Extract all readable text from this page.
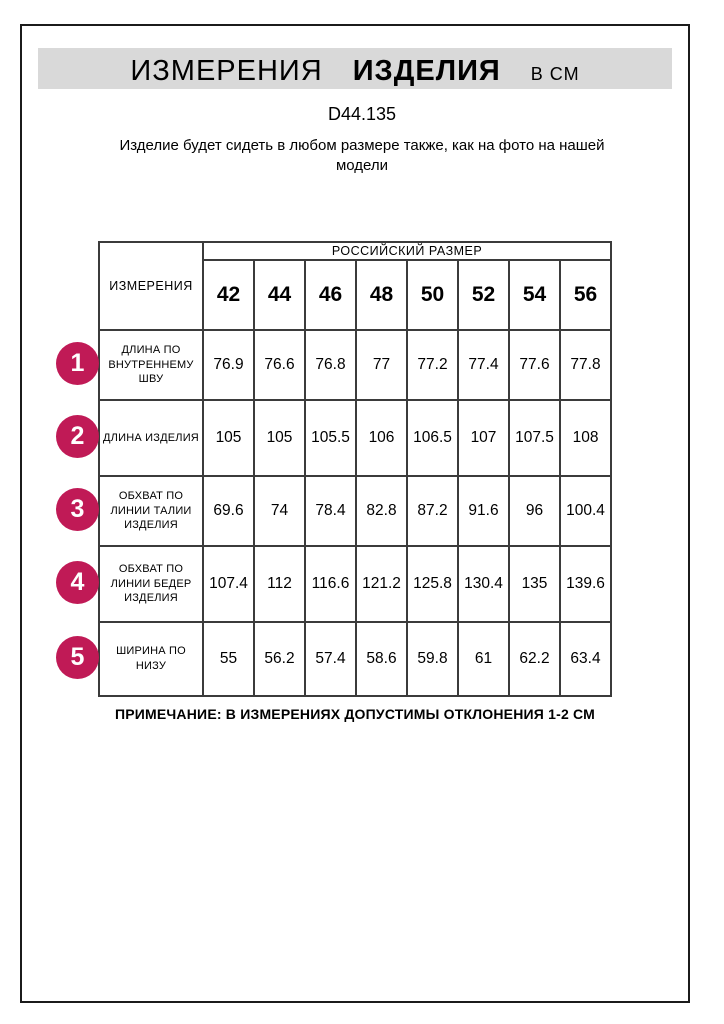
ИЗМЕРЕНИЯ ИЗДЕЛИЯ В СМ
D44.135
Изделие будет сидеть в любом размере также, как на фото на нашей модели
ИЗМЕРЕНИЯ	РОССИЙСКИЙ РАЗМЕР							
	42	44	46	48	50	52	54	56
ДЛИНА ПО ВНУТРЕННЕМУ ШВУ	76.9	76.6	76.8	77	77.2	77.4	77.6	77.8
ДЛИНА ИЗДЕЛИЯ	105	105	105.5	106	106.5	107	107.5	108
ОБХВАТ ПО ЛИНИИ ТАЛИИ ИЗДЕЛИЯ	69.6	74	78.4	82.8	87.2	91.6	96	100.4
ОБХВАТ ПО ЛИНИИ БЕДЕР ИЗДЕЛИЯ	107.4	112	116.6	121.2	125.8	130.4	135	139.6
ШИРИНА ПО НИЗУ	55	56.2	57.4	58.6	59.8	61	62.2	63.4
1
2
3
4
5
ПРИМЕЧАНИЕ: В ИЗМЕРЕНИЯХ ДОПУСТИМЫ ОТКЛОНЕНИЯ 1-2 СМ
